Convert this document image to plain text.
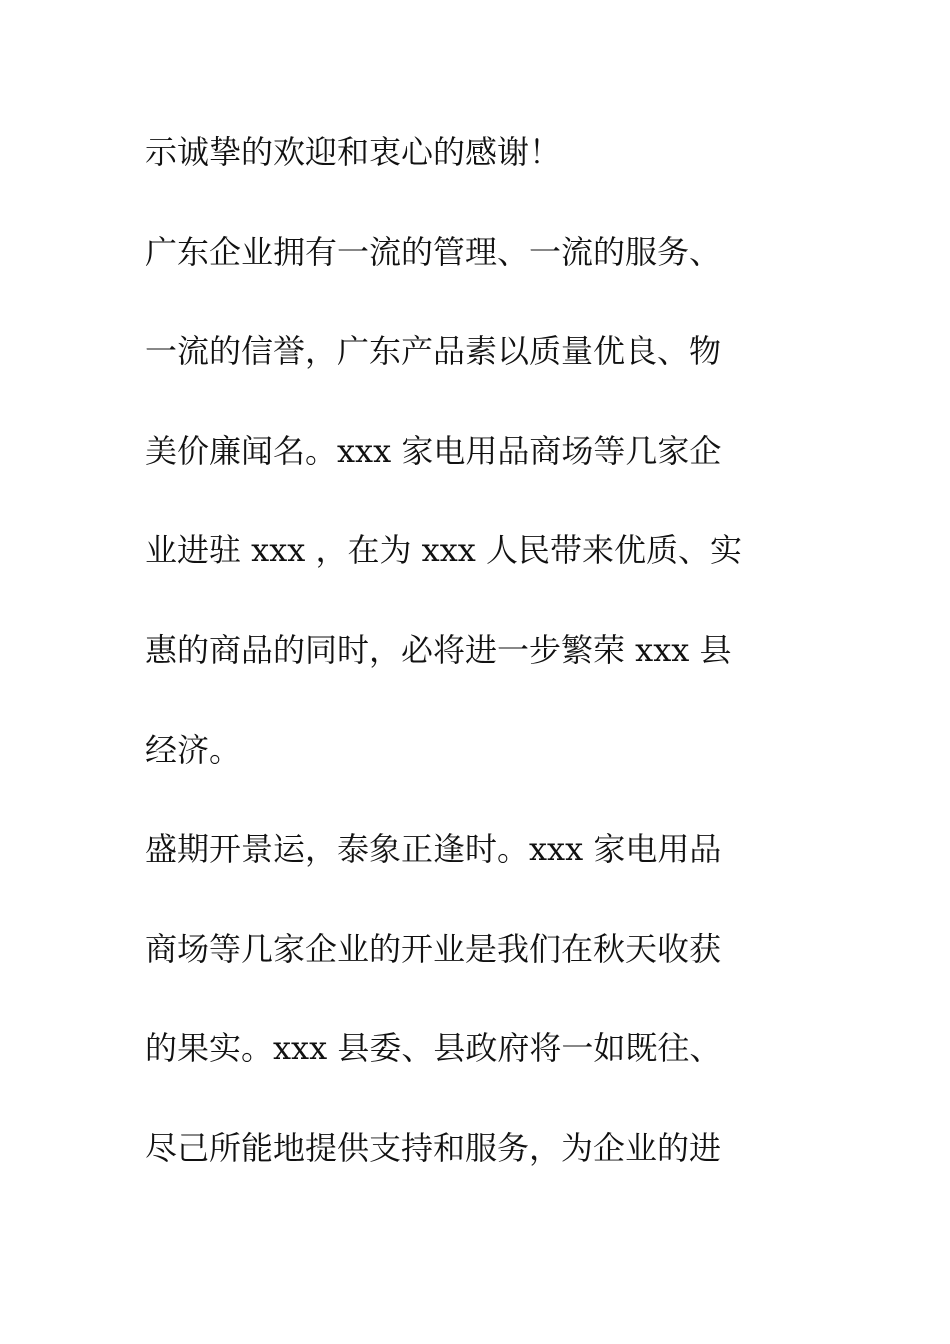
示诚挚的欢迎和衷心的感谢！

广东企业拥有一流的管理、一流的服务、

一流的信誉，广东产品素以质量优良、物

美价廉闻名。xxx 家电用品商场等几家企

业进驻 xxx ，在为 xxx 人民带来优质、实

惠的商品的同时，必将进一步繁荣 xxx 县

经济。

盛期开景运，泰象正逢时。xxx 家电用品

商场等几家企业的开业是我们在秋天收获

的果实。xxx 县委、县政府将一如既往、

尽己所能地提供支持和服务，为企业的进
